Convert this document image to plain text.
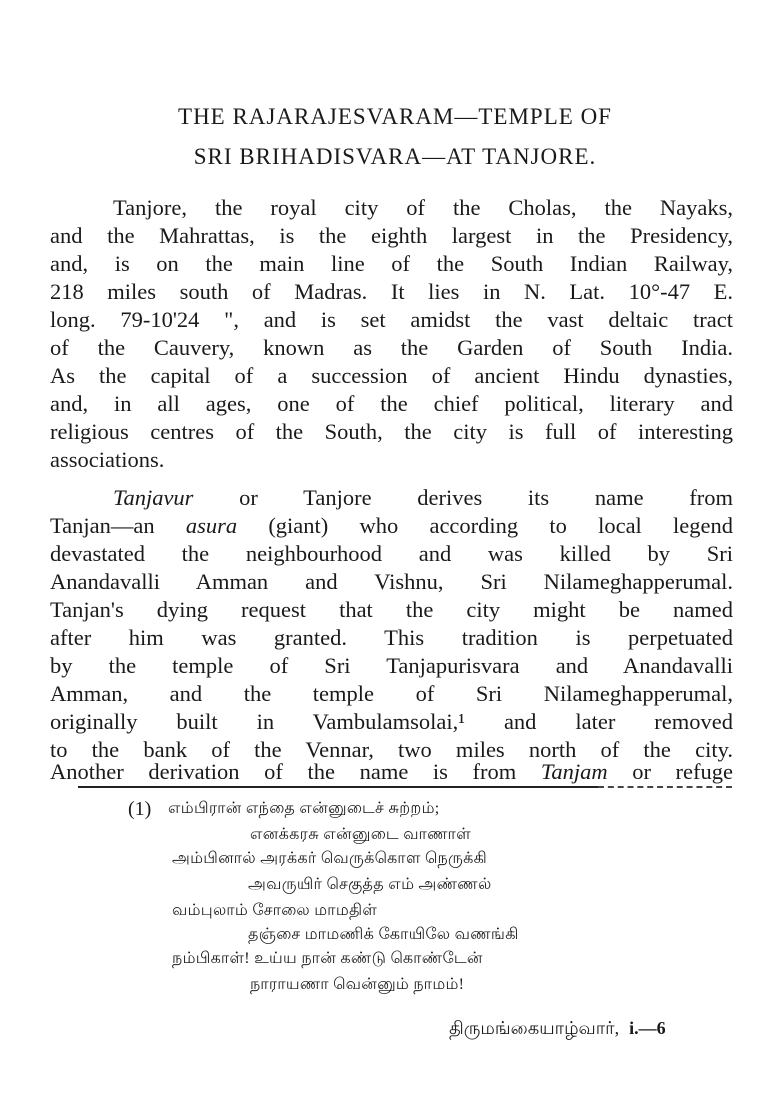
THE RAJARAJESVARAM—TEMPLE OF
SRI BRIHADISVARA—AT TANJORE.
Tanjore, the royal city of the Cholas, the Nayaks,
and the Mahrattas, is the eighth largest in the Presidency,
and, is on the main line of the South Indian Railway,
218 miles south of Madras. It lies in N. Lat. 10°-47 E.
long. 79-10'24 ", and is set amidst the vast deltaic tract
of the Cauvery, known as the Garden of South India.
As the capital of a succession of ancient Hindu dynasties,
and, in all ages, one of the chief political, literary and
religious centres of the South, the city is full of interesting
associations.
Tanjavur or Tanjore derives its name from
Tanjan—an asura (giant) who according to local legend
devastated the neighbourhood and was killed by Sri
Anandavalli Amman and Vishnu, Sri Nilameghapperumal.
Tanjan's dying request that the city might be named
after him was granted. This tradition is perpetuated
by the temple of Sri Tanjapurisvara and Anandavalli
Amman, and the temple of Sri Nilameghapperumal,
originally built in Vambulamsolai,¹ and later removed
to the bank of the Vennar, two miles north of the city.
Another derivation of the name is from Tanjam or refuge
(1) எம்பிரான் எந்தை என்னுடைச் சுற்றம்;
எனக்கரசு என்னுடை வாணாள்
அம்பினால் அரக்கர் வெருக்கொள நெருக்கி
அவருயிர் செகுத்த எம் அண்ணல்
வம்புலாம் சோலை மாமதிள்
தஞ்சை மாமணிக் கோயிலே வணங்கி
நம்பிகாள்! உய்ய நான் கண்டு கொண்டேன்
நாராயணா வென்னும் நாமம்!
திருமங்கையாழ்வார், i.—6
